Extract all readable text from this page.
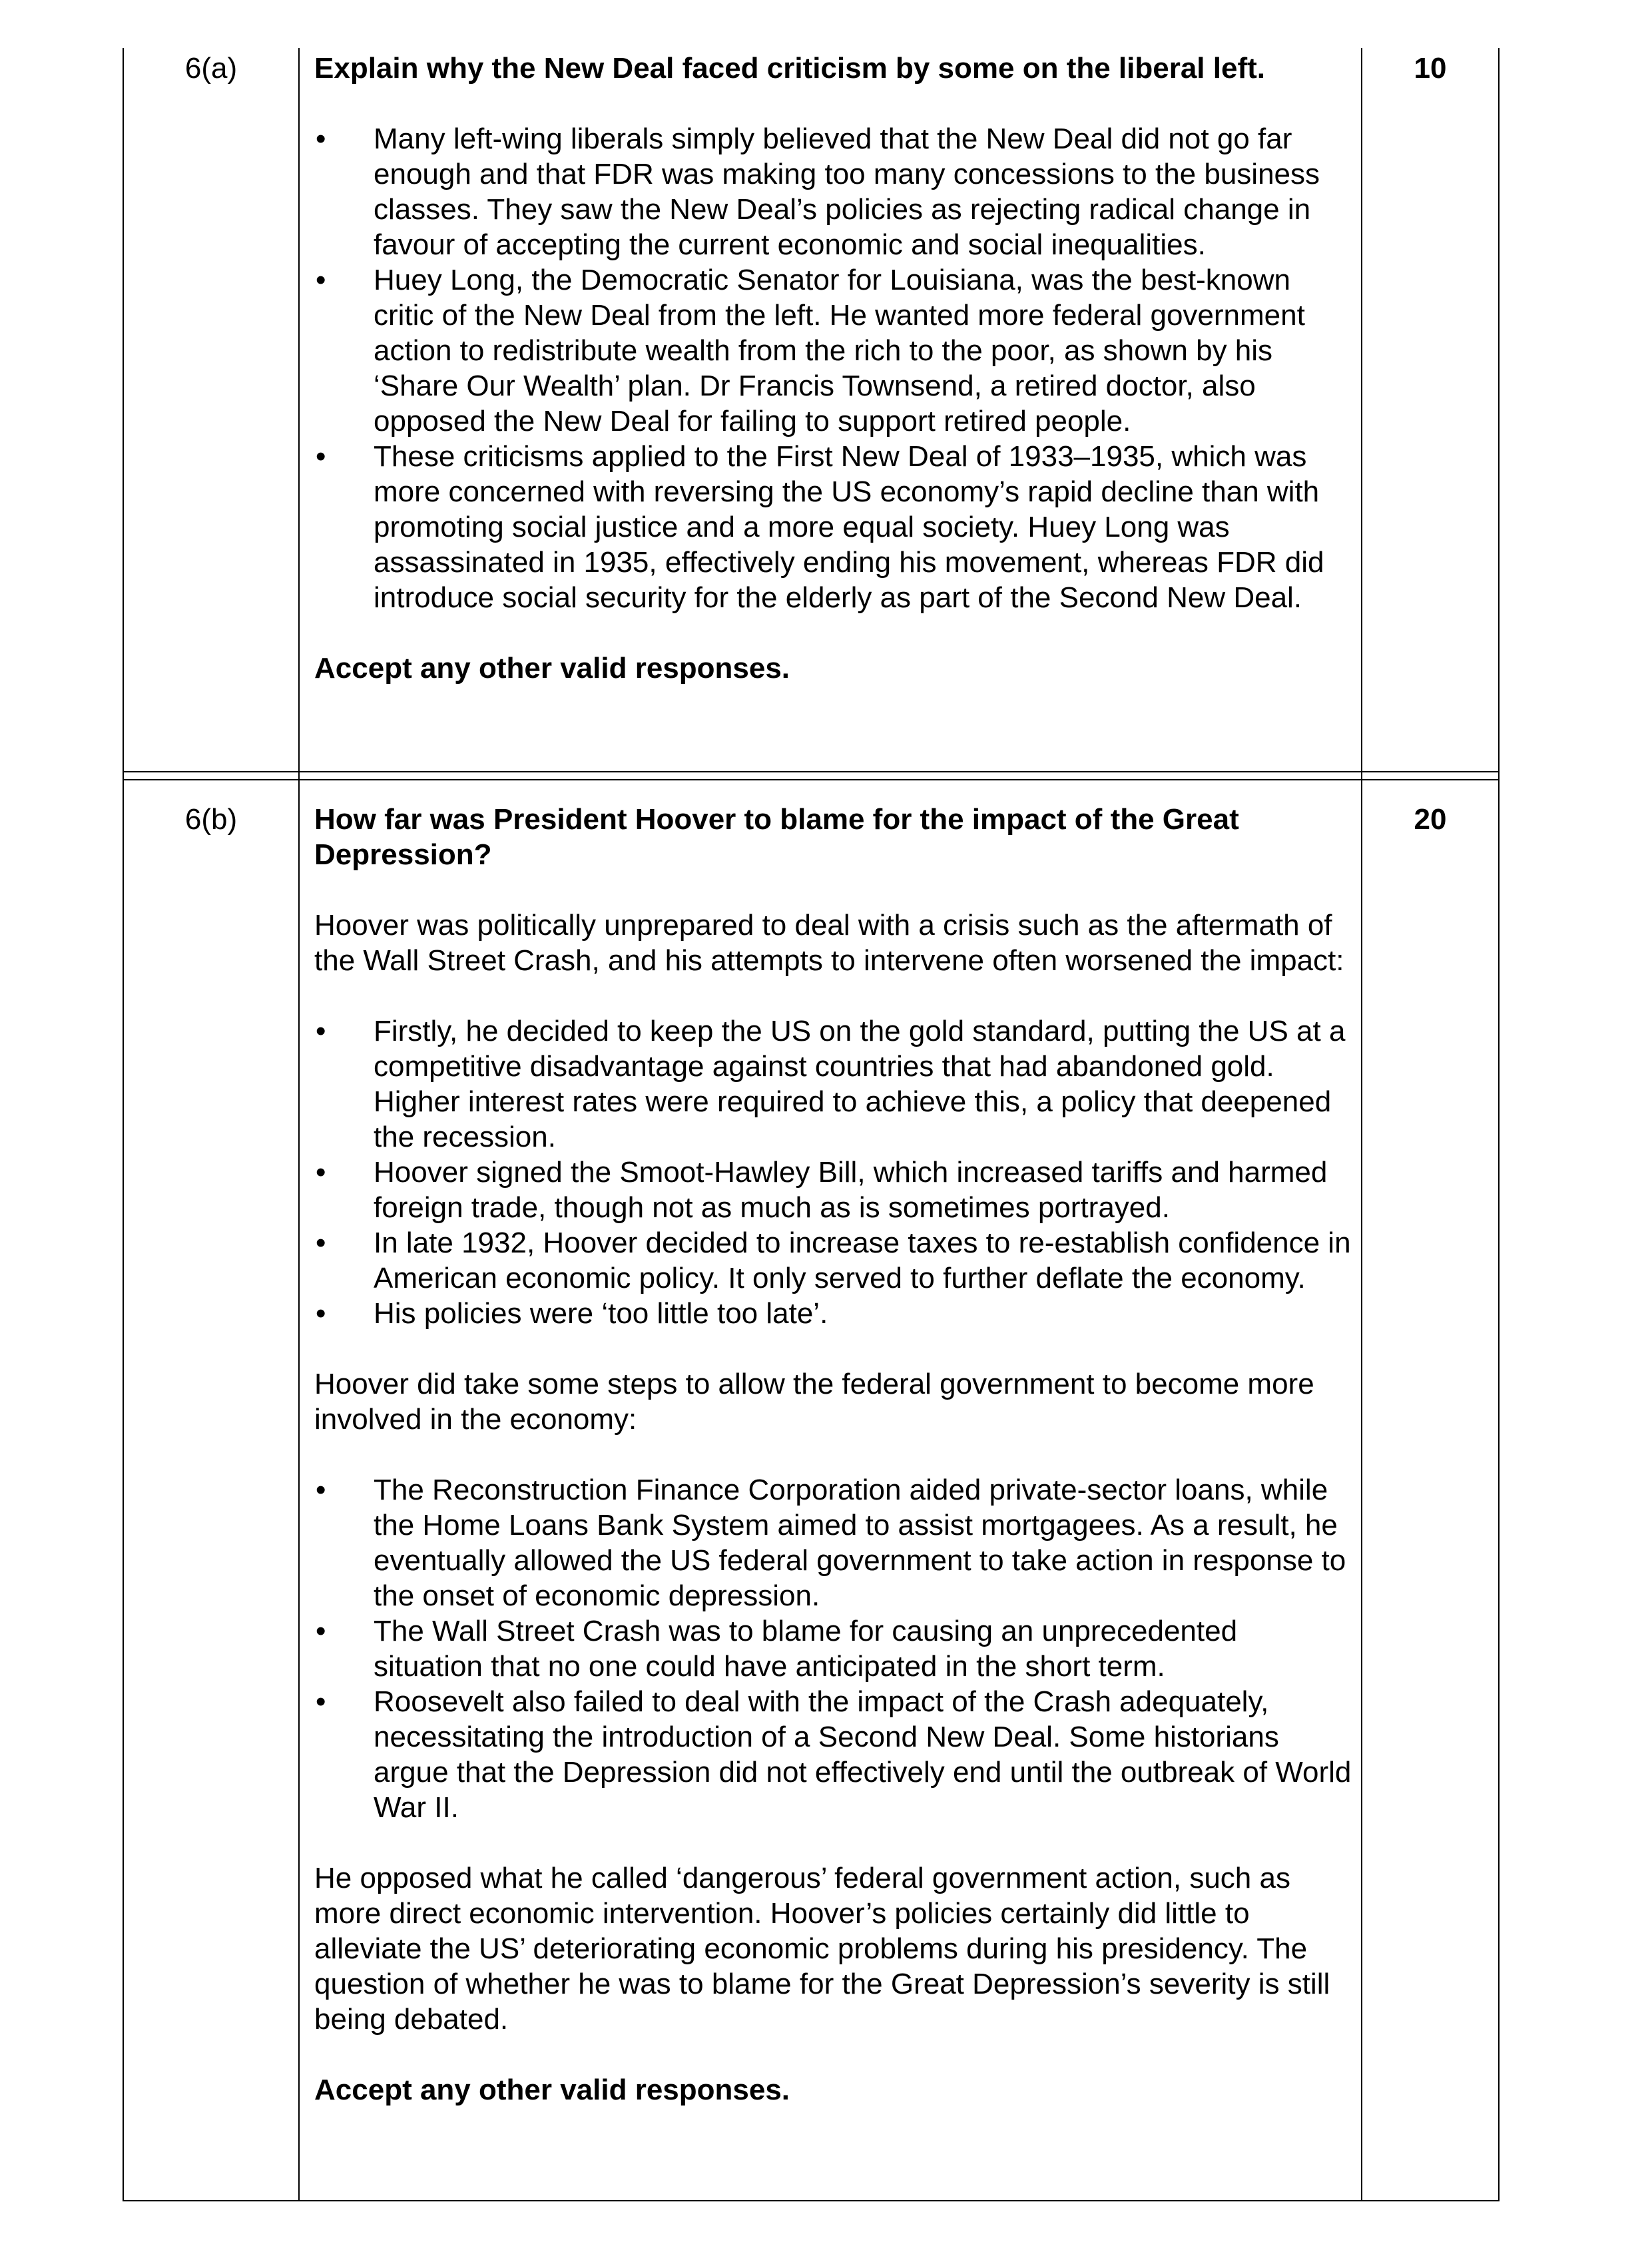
6(a)	10

Explain why the New Deal faced criticism by some on the liberal left.

• Many left-wing liberals simply believed that the New Deal did not go far enough and that FDR was making too many concessions to the business classes. They saw the New Deal’s policies as rejecting radical change in favour of accepting the current economic and social inequalities.
• Huey Long, the Democratic Senator for Louisiana, was the best-known critic of the New Deal from the left. He wanted more federal government action to redistribute wealth from the rich to the poor, as shown by his ‘Share Our Wealth’ plan. Dr Francis Townsend, a retired doctor, also opposed the New Deal for failing to support retired people.
• These criticisms applied to the First New Deal of 1933–1935, which was more concerned with reversing the US economy’s rapid decline than with promoting social justice and a more equal society. Huey Long was assassinated in 1935, effectively ending his movement, whereas FDR did introduce social security for the elderly as part of the Second New Deal.

Accept any other valid responses.

6(b)	20

How far was President Hoover to blame for the impact of the Great Depression?

Hoover was politically unprepared to deal with a crisis such as the aftermath of the Wall Street Crash, and his attempts to intervene often worsened the impact:

• Firstly, he decided to keep the US on the gold standard, putting the US at a competitive disadvantage against countries that had abandoned gold. Higher interest rates were required to achieve this, a policy that deepened the recession.
• Hoover signed the Smoot-Hawley Bill, which increased tariffs and harmed foreign trade, though not as much as is sometimes portrayed.
• In late 1932, Hoover decided to increase taxes to re-establish confidence in American economic policy. It only served to further deflate the economy.
• His policies were ‘too little too late’.

Hoover did take some steps to allow the federal government to become more involved in the economy:

• The Reconstruction Finance Corporation aided private-sector loans, while the Home Loans Bank System aimed to assist mortgagees. As a result, he eventually allowed the US federal government to take action in response to the onset of economic depression.
• The Wall Street Crash was to blame for causing an unprecedented situation that no one could have anticipated in the short term.
• Roosevelt also failed to deal with the impact of the Crash adequately, necessitating the introduction of a Second New Deal. Some historians argue that the Depression did not effectively end until the outbreak of World War II.

He opposed what he called ‘dangerous’ federal government action, such as more direct economic intervention. Hoover’s policies certainly did little to alleviate the US’ deteriorating economic problems during his presidency. The question of whether he was to blame for the Great Depression’s severity is still being debated.

Accept any other valid responses.
